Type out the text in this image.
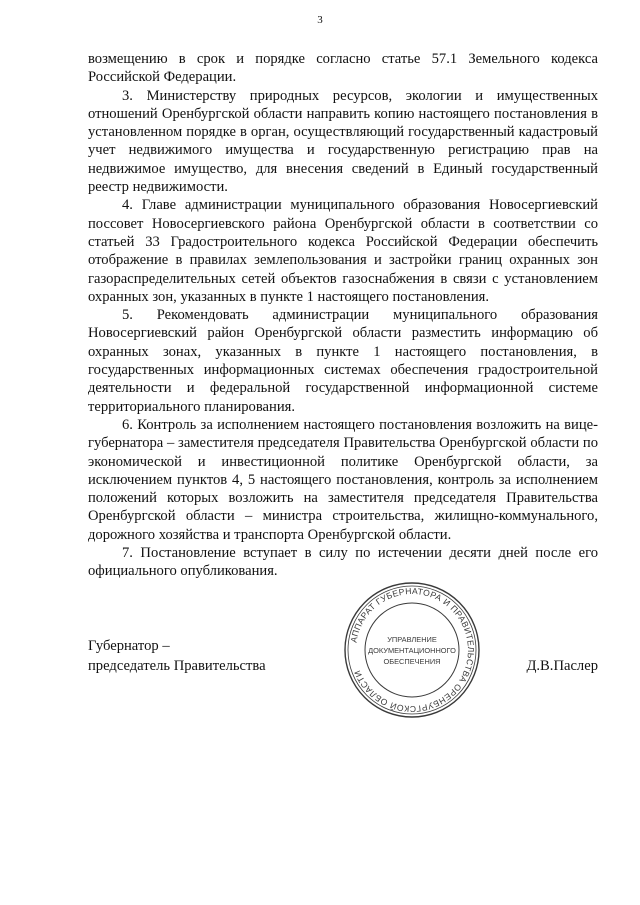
3

возмещению в срок и порядке согласно статье 57.1 Земельного кодекса Российской Федерации.

3. Министерству природных ресурсов, экологии и имущественных отношений Оренбургской области направить копию настоящего постановления в установленном порядке в орган, осуществляющий государственный кадастровый учет недвижимого имущества и государственную регистрацию прав на недвижимое имущество, для внесения сведений в Единый государственный реестр недвижимости.

4. Главе администрации муниципального образования Новосергиевский поссовет Новосергиевского района Оренбургской области в соответствии со статьей 33 Градостроительного кодекса Российской Федерации обеспечить отображение в правилах землепользования и застройки границ охранных зон газораспределительных сетей объектов газоснабжения в связи с установлением охранных зон, указанных в пункте 1 настоящего постановления.

5. Рекомендовать администрации муниципального образования Новосергиевский район Оренбургской области разместить информацию об охранных зонах, указанных в пункте 1 настоящего постановления, в государственных информационных системах обеспечения градостроительной деятельности и федеральной государственной информационной системе территориального планирования.

6. Контроль за исполнением настоящего постановления возложить на вице-губернатора – заместителя председателя Правительства Оренбургской области по экономической и инвестиционной политике Оренбургской области, за исключением пунктов 4, 5 настоящего постановления, контроль за исполнением положений которых возложить на заместителя председателя Правительства Оренбургской области – министра строительства, жилищно-коммунального, дорожного хозяйства и транспорта Оренбургской области.

7. Постановление вступает в силу по истечении десяти дней после его официального опубликования.

Губернатор –
председатель Правительства	Д.В.Паслер
АППАРАТ ГУБЕРНАТОРА И ПРАВИТЕЛЬСТВА ОРЕНБУРГСКОЙ ОБЛАСТИ
УПРАВЛЕНИЕ
ДОКУМЕНТАЦИОННОГО
ОБЕСПЕЧЕНИЯ
